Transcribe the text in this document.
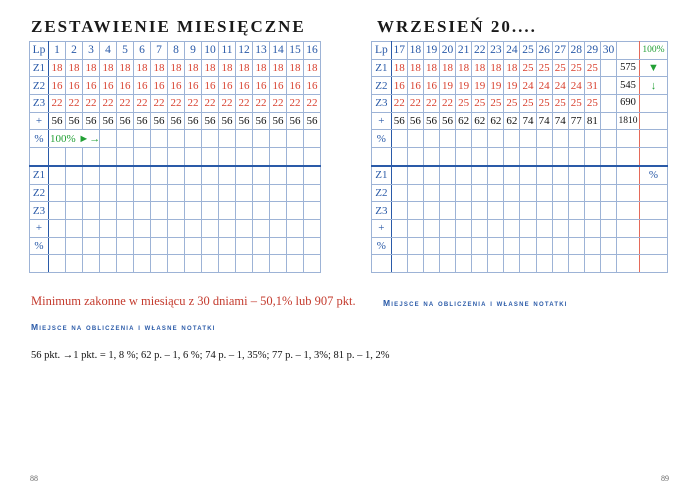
ZESTAWIENIE MIESIĘCZNE	WRZESIEŃ 20....
Lp	1	2	3	4	5	6	7	8	9	10	11	12	13	14	15	16
Z1	18	18	18	18	18	18	18	18	18	18	18	18	18	18	18	18
Z2	16	16	16	16	16	16	16	16	16	16	16	16	16	16	16	16
Z3	22	22	22	22	22	22	22	22	22	22	22	22	22	22	22	22
+	56	56	56	56	56	56	56	56	56	56	56	56	56	56	56	56
%	100% ►→															

Z1																
Z2																
Z3																
+																
%																

Lp	17	18	19	20	21	22	23	24	25	26	27	28	29	30		100%
Z1	18	18	18	18	18	18	18	18	25	25	25	25	25		575	▼
Z2	16	16	16	19	19	19	19	19	24	24	24	24	31		545	↓
Z3	22	22	22	22	25	25	25	25	25	25	25	25	25		690	
+	56	56	56	56	62	62	62	62	74	74	74	77	81		1810	
%																

Z1																%
Z2																
Z3																
+																
%																

Minimum zakonne w miesiącu z 30 dniami – 50,1% lub 907 pkt.

Miejsce na obliczenia i własne notatki

Miejsce na obliczenia i własne notatki

56 pkt. →1 pkt. = 1, 8 %; 62 p. – 1, 6 %; 74 p. – 1, 35%; 77 p. – 1, 3%; 81 p. – 1, 2%

88	89
